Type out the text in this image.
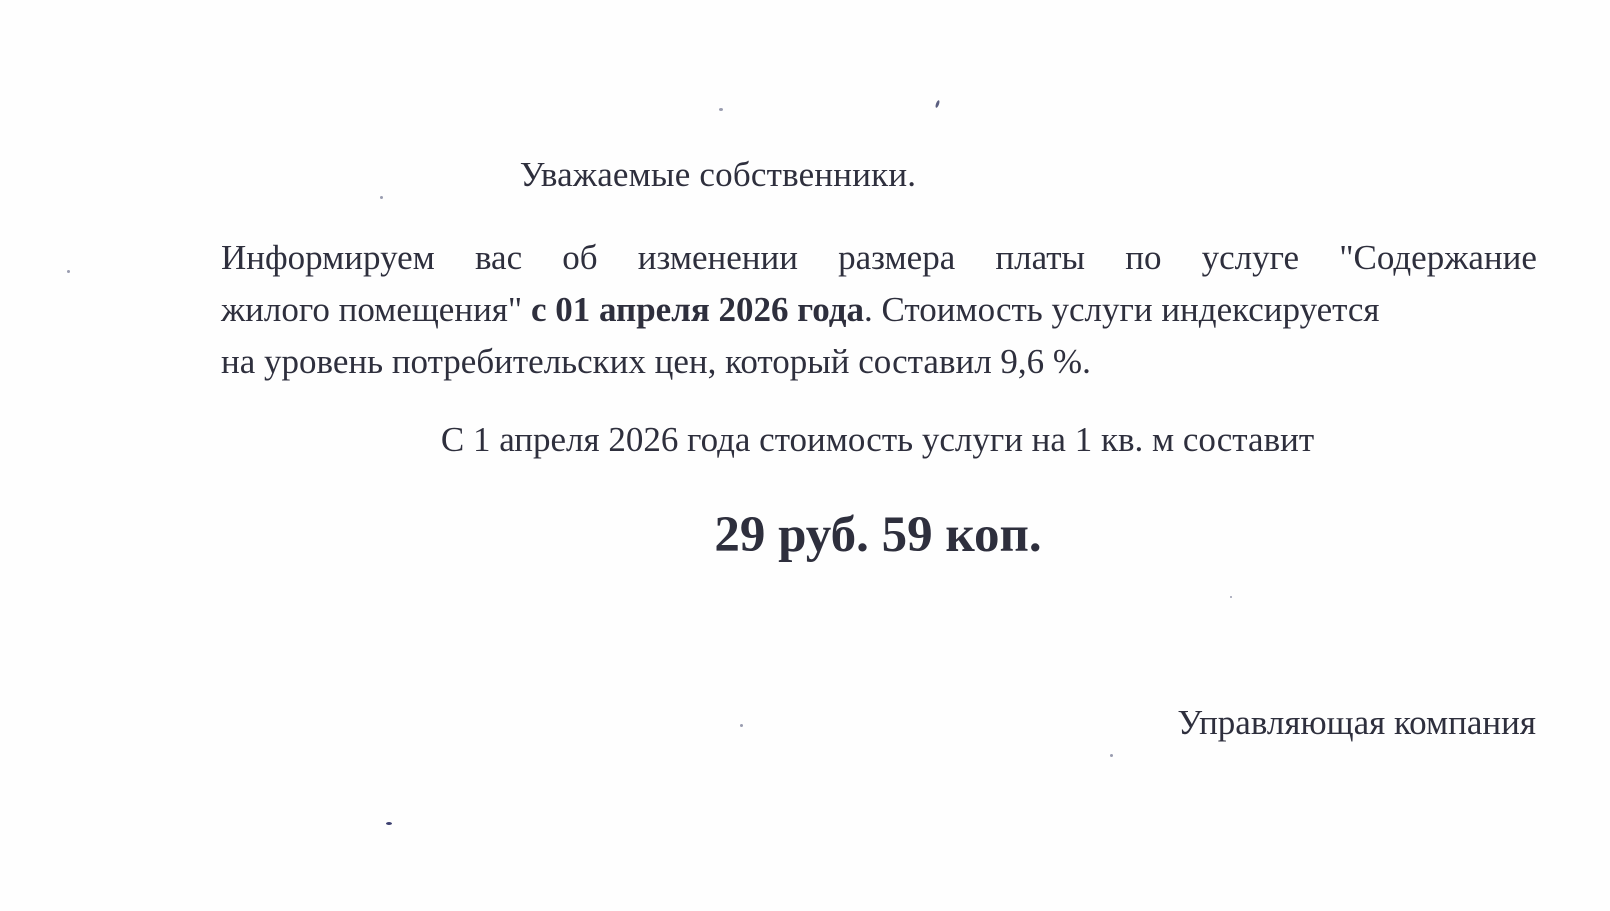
Уважаемые собственники.
Информируем вас об изменении размера платы по услуге "Содержание
жилого помещения" с 01 апреля 2026 года. Стоимость услуги индексируется
на уровень потребительских цен, который составил 9,6 %.
С 1 апреля 2026 года стоимость услуги на 1 кв. м составит
29 руб. 59 коп.
Управляющая компания
